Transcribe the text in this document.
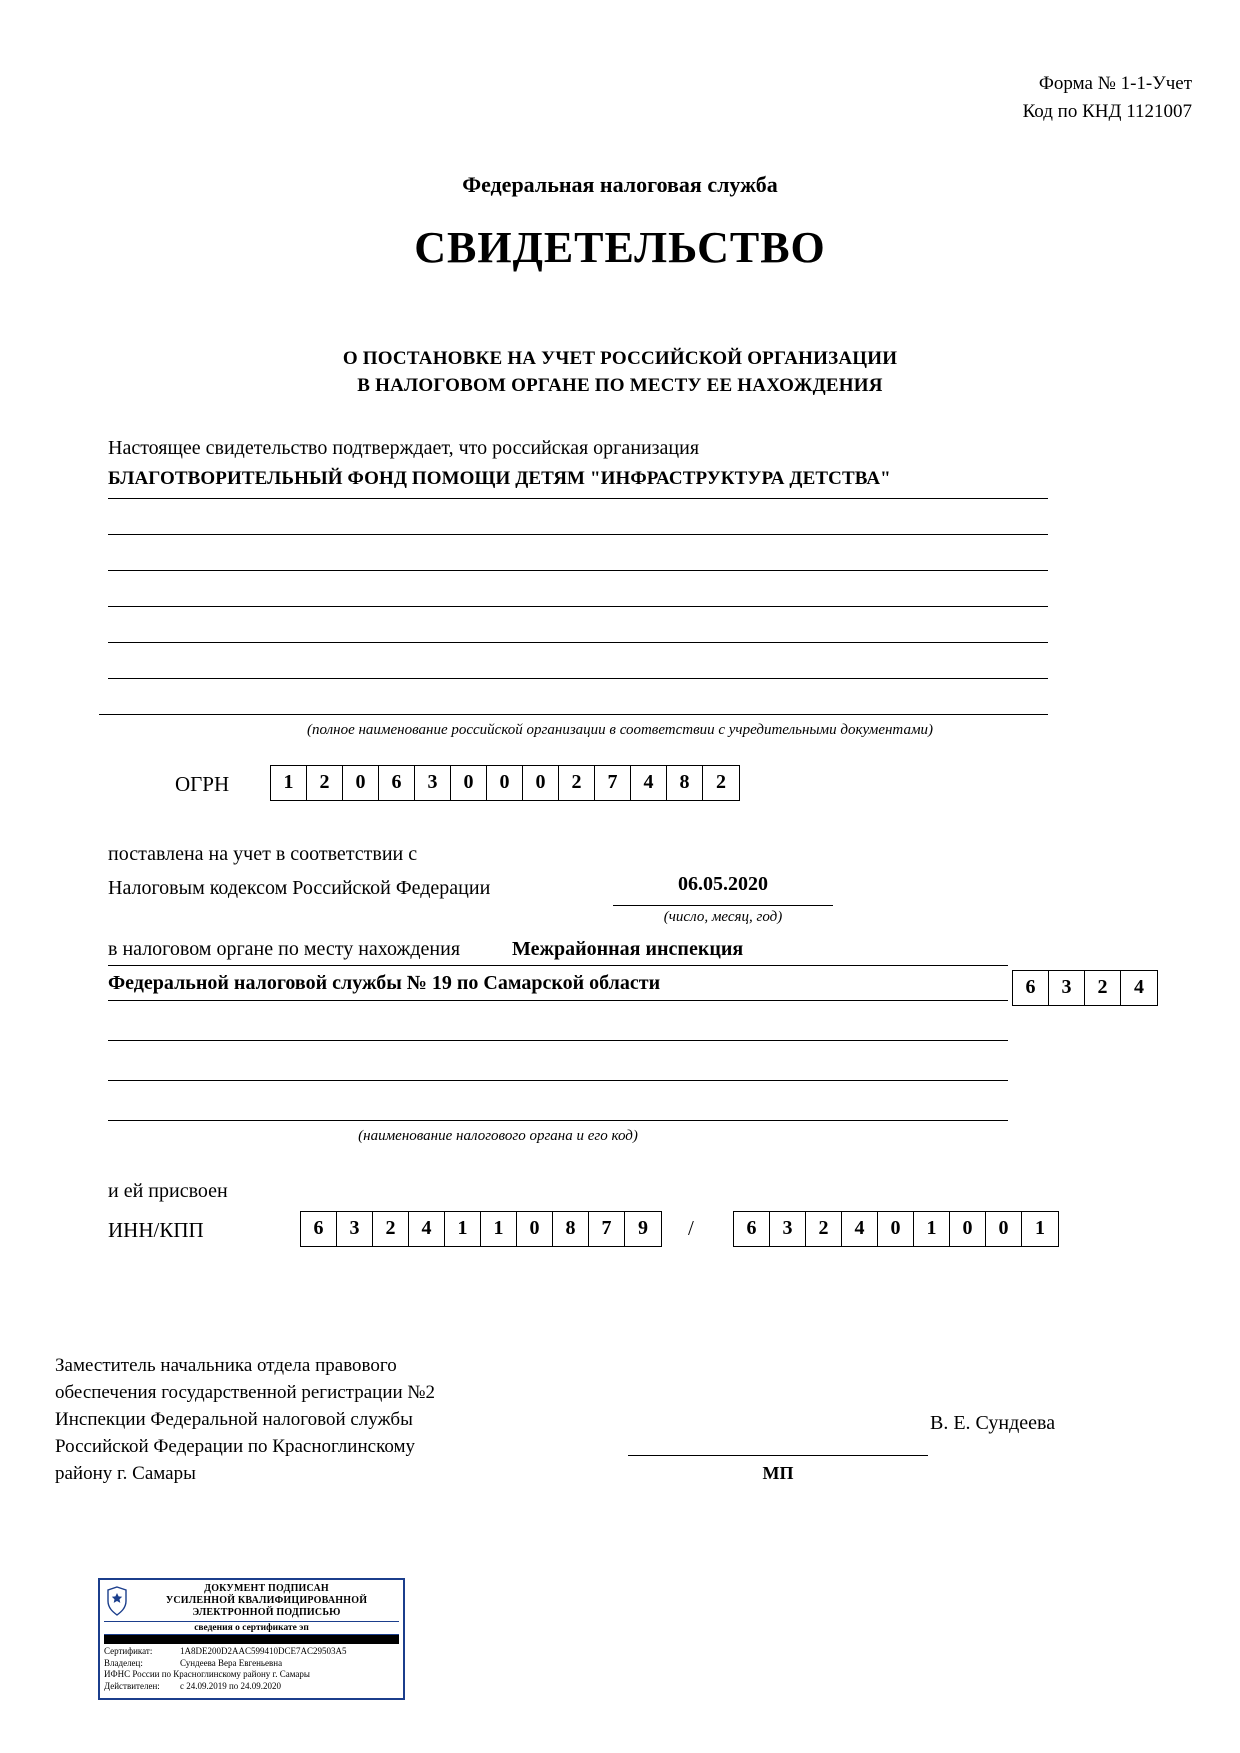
Форма № 1-1-Учет
Код по КНД 1121007
Федеральная налоговая служба
СВИДЕТЕЛЬСТВО
О ПОСТАНОВКЕ НА УЧЕТ РОССИЙСКОЙ ОРГАНИЗАЦИИ
В НАЛОГОВОМ ОРГАНЕ ПО МЕСТУ ЕЕ НАХОЖДЕНИЯ
Настоящее свидетельство подтверждает, что российская организация
БЛАГОТВОРИТЕЛЬНЫЙ ФОНД ПОМОЩИ ДЕТЯМ "ИНФРАСТРУКТУРА ДЕТСТВА"
(полное наименование российской организации в соответствии с учредительными документами)
ОГРН	1	2	0	6	3	0	0	0	2	7	4	8	2
поставлена на учет в соответствии с
Налоговым кодексом Российской Федерации	06.05.2020
(число, месяц, год)
в налоговом органе по месту нахождения	Межрайонная инспекция
Федеральной налоговой службы № 19 по Самарской области	6	3	2	4
(наименование налогового органа и его код)
и ей присвоен
ИНН/КПП	6	3	2	4	1	1	0	8	7	9	/	6	3	2	4	0	1	0	0	1
Заместитель начальника отдела правового
обеспечения государственной регистрации №2
Инспекции Федеральной налоговой службы
Российской Федерации по Красноглинскому
району г. Самары
В. Е. Сундеева
МП
ДОКУМЕНТ ПОДПИСАН
УСИЛЕННОЙ КВАЛИФИЦИРОВАННОЙ
ЭЛЕКТРОННОЙ ПОДПИСЬЮ
сведения о сертификате эп
Сертификат:	1A8DE200D2AAC599410DCE7AC29503A5
Владелец:	Сундеева Вера Евгеньевна
ИФНС России по Красноглинскому району г. Самары
Действителен:	с 24.09.2019 по 24.09.2020
